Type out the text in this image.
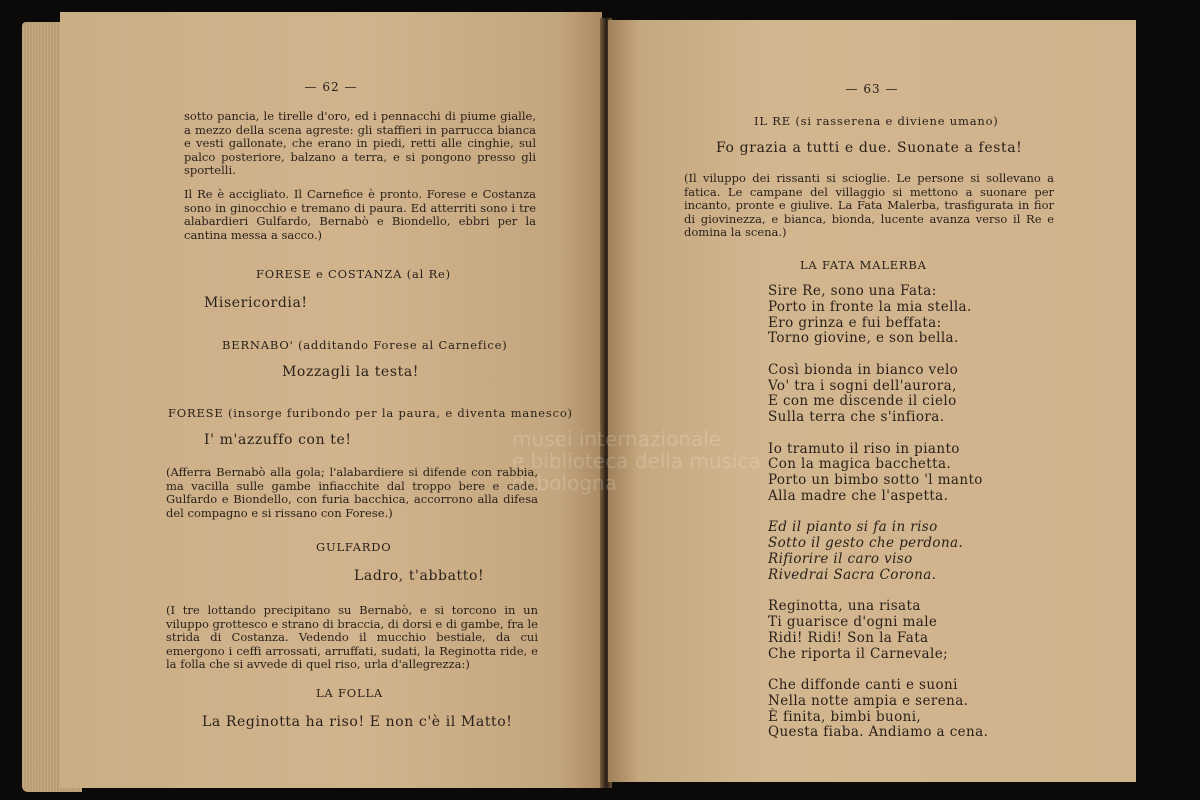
— 62 —
sotto pancia, le tirelle d'oro, ed i pennacchi di piume gialle, a mezzo della scena agreste: gli staffieri in parrucca bianca e vesti gallonate, che erano in piedi, retti alle cinghie, sul palco posteriore, balzano a terra, e si pongono presso gli sportelli.
Il Re è accigliato. Il Carnefice è pronto. Forese e Costanza sono in ginocchio e tremano di paura. Ed atterriti sono i tre alabardieri Gulfardo, Bernabò e Biondello, ebbri per la cantina messa a sacco.)
FORESE e COSTANZA (al Re)
Misericordia!
BERNABO' (additando Forese al Carnefice)
Mozzagli la testa!
FORESE (insorge furibondo per la paura, e diventa manesco)
I' m'azzuffo con te!
(Afferra Bernabò alla gola; l'alabardiere si difende con rabbia, ma vacilla sulle gambe infiacchite dal troppo bere e cade. Gulfardo e Biondello, con furia bacchica, accorrono alla difesa del compagno e si rissano con Forese.)
GULFARDO
Ladro, t'abbatto!
(I tre lottando precipitano su Bernabò, e si torcono in un viluppo grottesco e strano di braccia, di dorsi e di gambe, fra le strida di Costanza. Vedendo il mucchio bestiale, da cui emergono i ceffi arrossati, arruffati, sudati, la Reginotta ride, e la folla che si avvede di quel riso, urla d'allegrezza:)
LA FOLLA
La Reginotta ha riso! E non c'è il Matto!
— 63 —
IL RE (si rasserena e diviene umano)
Fo grazia a tutti e due. Suonate a festa!
(Il viluppo dei rissanti si scioglie. Le persone si sollevano a fatica. Le campane del villaggio si mettono a suonare per incanto, pronte e giulive. La Fata Malerba, trasfigurata in fior di giovinezza, e bianca, bionda, lucente avanza verso il Re e domina la scena.)
LA FATA MALERBA

Sire Re, sono una Fata:
Porto in fronte la mia stella.
Ero grinza e fui beffata:
Torno giovine, e son bella.

Così bionda in bianco velo
Vo' tra i sogni dell'aurora,
E con me discende il cielo
Sulla terra che s'infiora.

Io tramuto il riso in pianto
Con la magica bacchetta.
Porto un bimbo sotto 'l manto
Alla madre che l'aspetta.

Ed il pianto si fa in riso
Sotto il gesto che perdona.
Rifiorire il caro viso
Rivedrai Sacra Corona.

Reginotta, una risata
Ti guarisce d'ogni male
Ridi! Ridi! Son la Fata
Che riporta il Carnevale;

Che diffonde canti e suoni
Nella notte ampia e serena.
È finita, bimbi buoni,
Questa fiaba. Andiamo a cena.
